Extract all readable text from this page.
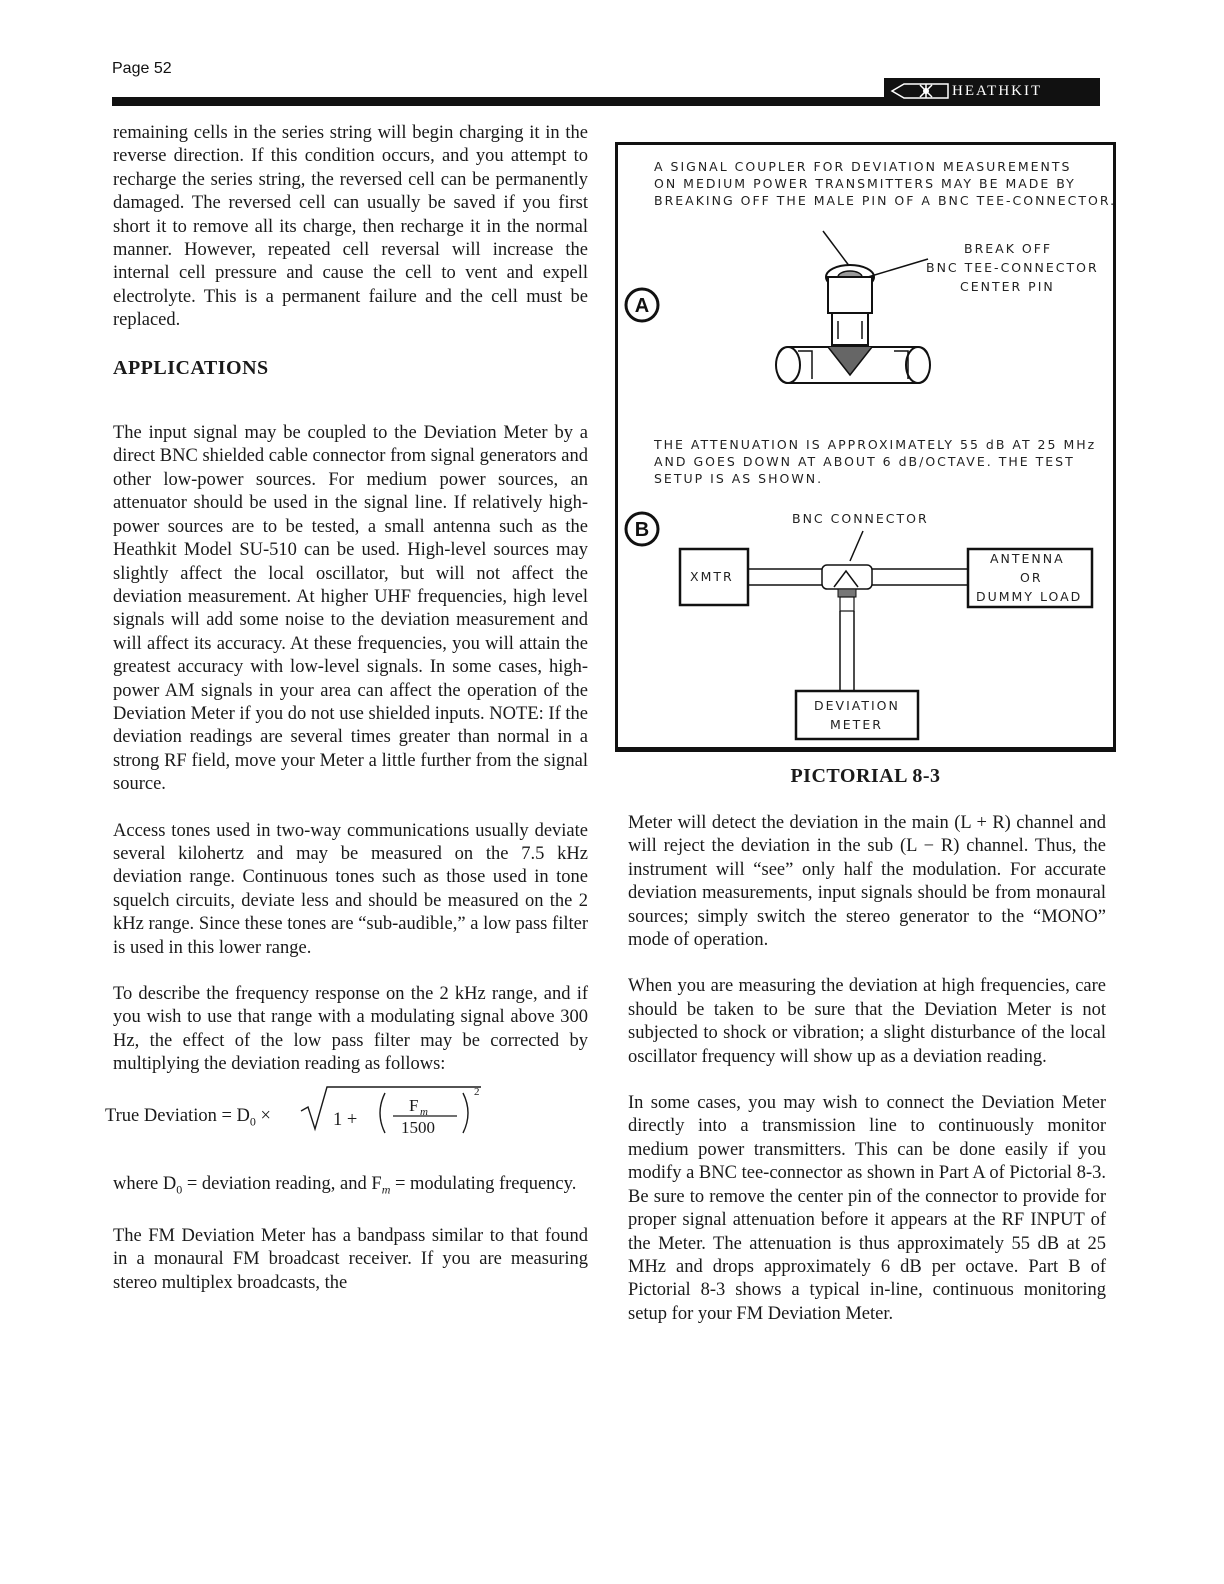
Page 52
HEATHKIT

remaining cells in the series string will begin charging it in the reverse direction. If this condition occurs, and you attempt to recharge the series string, the reversed cell can be permanently damaged. The reversed cell can usually be saved if you first short it to remove all its charge, then recharge it in the normal manner. However, repeated cell reversal will increase the internal cell pressure and cause the cell to vent and expell electrolyte. This is a permanent failure and the cell must be replaced.

APPLICATIONS

The input signal may be coupled to the Deviation Meter by a direct BNC shielded cable connector from signal generators and other low-power sources. For medium power sources, an attenuator should be used in the signal line. If relatively high-power sources are to be tested, a small antenna such as the Heathkit Model SU-510 can be used. High-level sources may slightly affect the local oscillator, but will not affect the deviation measurement. At higher UHF frequencies, high level signals will add some noise to the deviation measurement and will affect its accuracy. At these frequencies, you will attain the greatest accuracy with low-level signals. In some cases, high-power AM signals in your area can affect the operation of the Deviation Meter if you do not use shielded inputs. NOTE: If the deviation readings are several times greater than normal in a strong RF field, move your Meter a little further from the signal source.

Access tones used in two-way communications usually deviate several kilohertz and may be measured on the 7.5 kHz deviation range. Continuous tones such as those used in tone squelch circuits, deviate less and should be measured on the 2 kHz range. Since these tones are “sub-audible,” a low pass filter is used in this lower range.

To describe the frequency response on the 2 kHz range, and if you wish to use that range with a modulating signal above 300 Hz, the effect of the low pass filter may be corrected by multiplying the deviation reading as follows:

True Deviation = $D_0$ ×	1 +
F m
1500
2

where $D_0$ = deviation reading, and $F_m$ = modulating frequency.

The FM Deviation Meter has a bandpass similar to that found in a monaural FM broadcast receiver. If you are measuring stereo multiplex broadcasts, the

A SIGNAL COUPLER FOR DEVIATION MEASUREMENTS
ON MEDIUM POWER TRANSMITTERS MAY BE MADE BY
BREAKING OFF THE MALE PIN OF A BNC TEE-CONNECTOR.
A
BREAK OFF
BNC TEE-CONNECTOR
CENTER PIN
THE ATTENUATION IS APPROXIMATELY 55 dB AT 25 MHz
AND GOES DOWN AT ABOUT 6 dB/OCTAVE. THE TEST
SETUP IS AS SHOWN.
B
BNC CONNECTOR
XMTR
ANTENNA
OR
DUMMY LOAD
DEVIATION
METER
PICTORIAL 8-3

Meter will detect the deviation in the main (L + R) channel and will reject the deviation in the sub (L − R) channel. Thus, the instrument will “see” only half the modulation. For accurate deviation measurements, input signals should be from monaural sources; simply switch the stereo generator to the “MONO” mode of operation.

When you are measuring the deviation at high frequencies, care should be taken to be sure that the Deviation Meter is not subjected to shock or vibration; a slight disturbance of the local oscillator frequency will show up as a deviation reading.

In some cases, you may wish to connect the Deviation Meter directly into a transmission line to continuously monitor medium power transmitters. This can be done easily if you modify a BNC tee-connector as shown in Part A of Pictorial 8-3. Be sure to remove the center pin of the connector to provide for proper signal attenuation before it appears at the RF INPUT of the Meter. The attenuation is thus approximately 55 dB at 25 MHz and drops approximately 6 dB per octave. Part B of Pictorial 8-3 shows a typical in-line, continuous monitoring setup for your FM Deviation Meter.
